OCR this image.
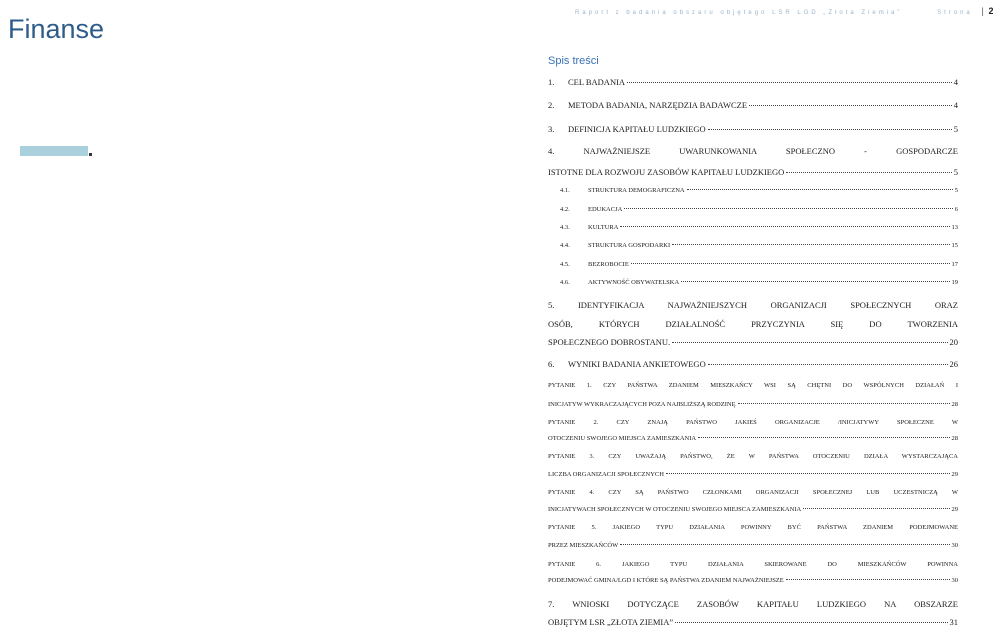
Finanse
Raport z badania obszaru objętego LSR LGD „Złota Ziemia”	Strona | 2
Spis treści
1.	CEL BADANIA	4
2.	METODA BADANIA, NARZĘDZIA BADAWCZE	4
3.	DEFINICJA KAPITAŁU LUDZKIEGO	5
4. NAJWAŻNIEJSZE UWARUNKOWANIA SPOŁECZNO - GOSPODARCZE
ISTOTNE DLA ROZWOJU ZASOBÓW KAPITAŁU LUDZKIEGO	5
4.1.	STRUKTURA DEMOGRAFICZNA	5
4.2.	EDUKACJA	6
4.3.	KULTURA	13
4.4.	STRUKTURA GOSPODARKI	15
4.5.	BEZROBOCIE	17
4.6.	AKTYWNOŚĆ OBYWATELSKA	19
5. IDENTYFIKACJA NAJWAŻNIEJSZYCH ORGANIZACJI SPOŁECZNYCH ORAZ
OSÓB, KTÓRYCH DZIAŁALNOŚĆ PRZYCZYNIA SIĘ DO TWORZENIA
SPOŁECZNEGO DOBROSTANU.	20
6.	WYNIKI BADANIA ANKIETOWEGO	26
PYTANIE 1. CZY PAŃSTWA ZDANIEM MIESZKAŃCY WSI SĄ CHĘTNI DO WSPÓLNYCH DZIAŁAŃ I
INICJATYW WYKRACZAJĄCYCH POZA NAJBLIŻSZĄ RODZINĘ	28
PYTANIE 2. CZY ZNAJĄ PAŃSTWO JAKIEŚ ORGANIZACJE /INICJATYWY SPOŁECZNE W
OTOCZENIU SWOJEGO MIEJSCA ZAMIESZKANIA	28
PYTANIE 3. CZY UWAŻAJĄ PAŃSTWO, ŻE W PAŃSTWA OTOCZENIU DZIAŁA WYSTARCZAJĄCA
LICZBA ORGANIZACJI SPOŁECZNYCH	29
PYTANIE 4. CZY SĄ PAŃSTWO CZŁONKAMI ORGANIZACJI SPOŁECZNEJ LUB UCZESTNICZĄ W
INICJATYWACH SPOŁECZNYCH W OTOCZENIU SWOJEGO MIEJSCA ZAMIESZKANIA	29
PYTANIE 5. JAKIEGO TYPU DZIAŁANIA POWINNY BYĆ PAŃSTWA ZDANIEM PODEJMOWANE
PRZEZ MIESZKAŃCÓW	30
PYTANIE 6. JAKIEGO TYPU DZIAŁANIA SKIEROWANE DO MIESZKAŃCÓW POWINNA
PODEJMOWAĆ GMINA/LGD I KTÓRE SĄ PAŃSTWA ZDANIEM NAJWAŻNIEJSZE	30
7. WNIOSKI DOTYCZĄCE ZASOBÓW KAPITAŁU LUDZKIEGO NA OBSZARZE
OBJĘTYM LSR „ZŁOTA ZIEMIA”	31
